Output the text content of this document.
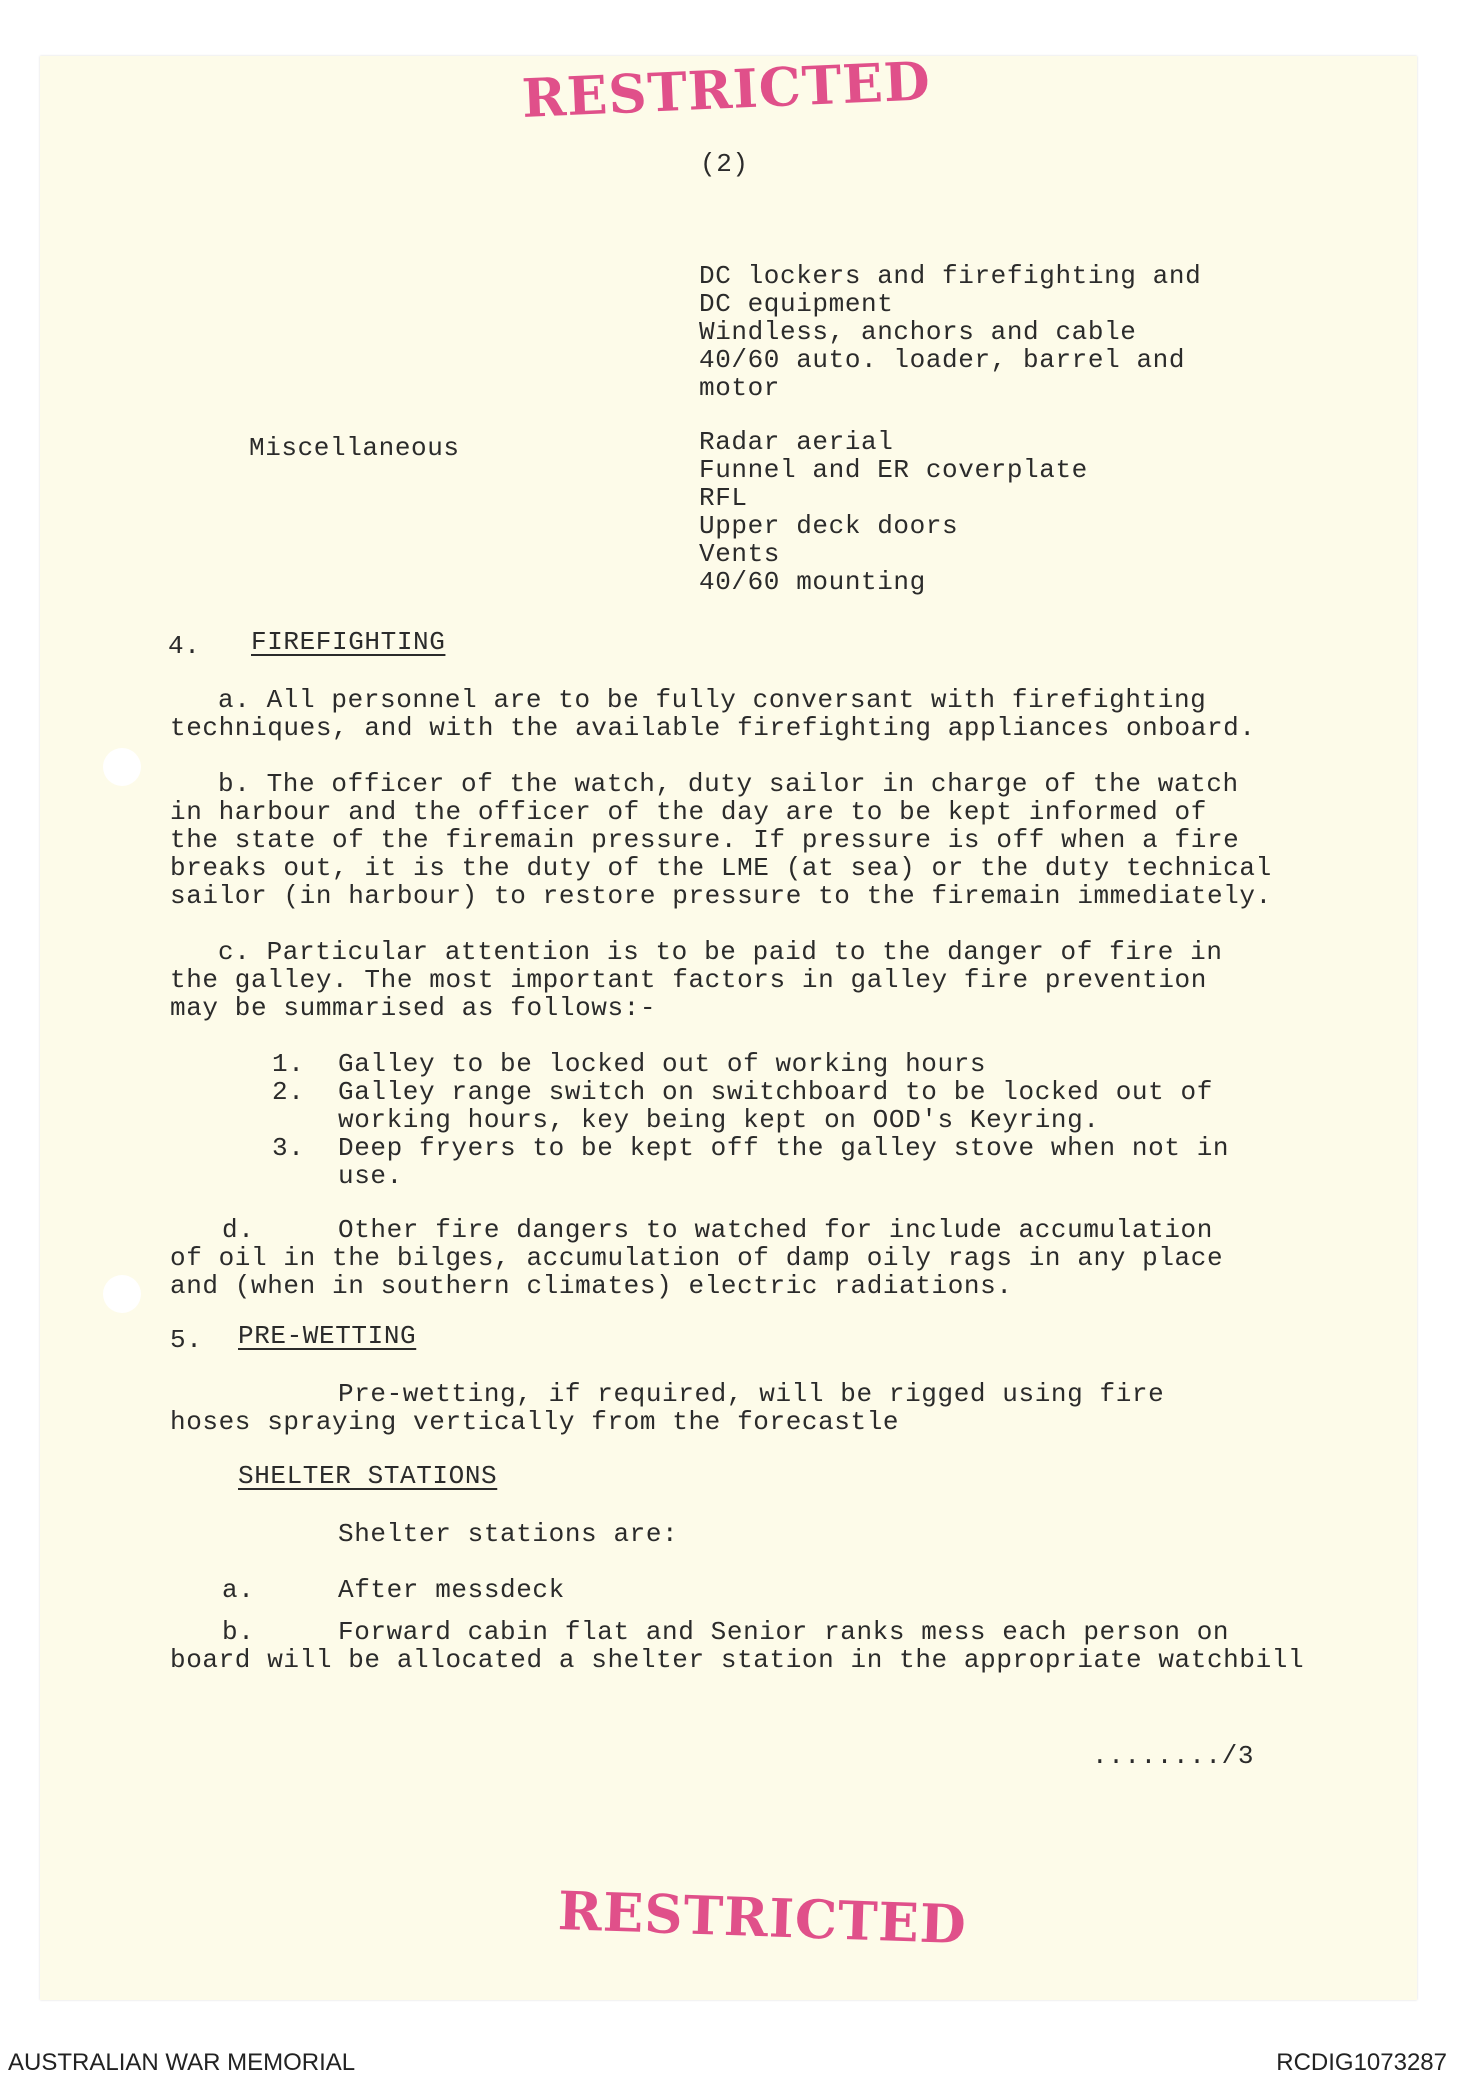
RESTRICTED
(2)
DC lockers and firefighting and
DC equipment
Windless, anchors and cable
40/60 auto. loader, barrel and
motor
Miscellaneous	Radar aerial
Funnel and ER coverplate
RFL
Upper deck doors
Vents
40/60 mounting
4. FIREFIGHTING
a. All personnel are to be fully conversant with firefighting
techniques, and with the available firefighting appliances onboard.
b. The officer of the watch, duty sailor in charge of the watch
in harbour and the officer of the day are to be kept informed of
the state of the firemain pressure. If pressure is off when a fire
breaks out, it is the duty of the LME (at sea) or the duty technical
sailor (in harbour) to restore pressure to the firemain immediately.
c. Particular attention is to be paid to the danger of fire in
the galley. The most important factors in galley fire prevention
may be summarised as follows:-
1. Galley to be locked out of working hours
2. Galley range switch on switchboard to be locked out of
working hours, key being kept on OOD's Keyring.
3. Deep fryers to be kept off the galley stove when not in
use.
d.	Other fire dangers to watched for include accumulation
of oil in the bilges, accumulation of damp oily rags in any place
and (when in southern climates) electric radiations.
5. PRE-WETTING
Pre-wetting, if required, will be rigged using fire
hoses spraying vertically from the forecastle
SHELTER STATIONS
Shelter stations are:
a.	After messdeck
b.	Forward cabin flat and Senior ranks mess each person on
board will be allocated a shelter station in the appropriate watchbill
......../3
RESTRICTED
AUSTRALIAN WAR MEMORIAL	RCDIG1073287
